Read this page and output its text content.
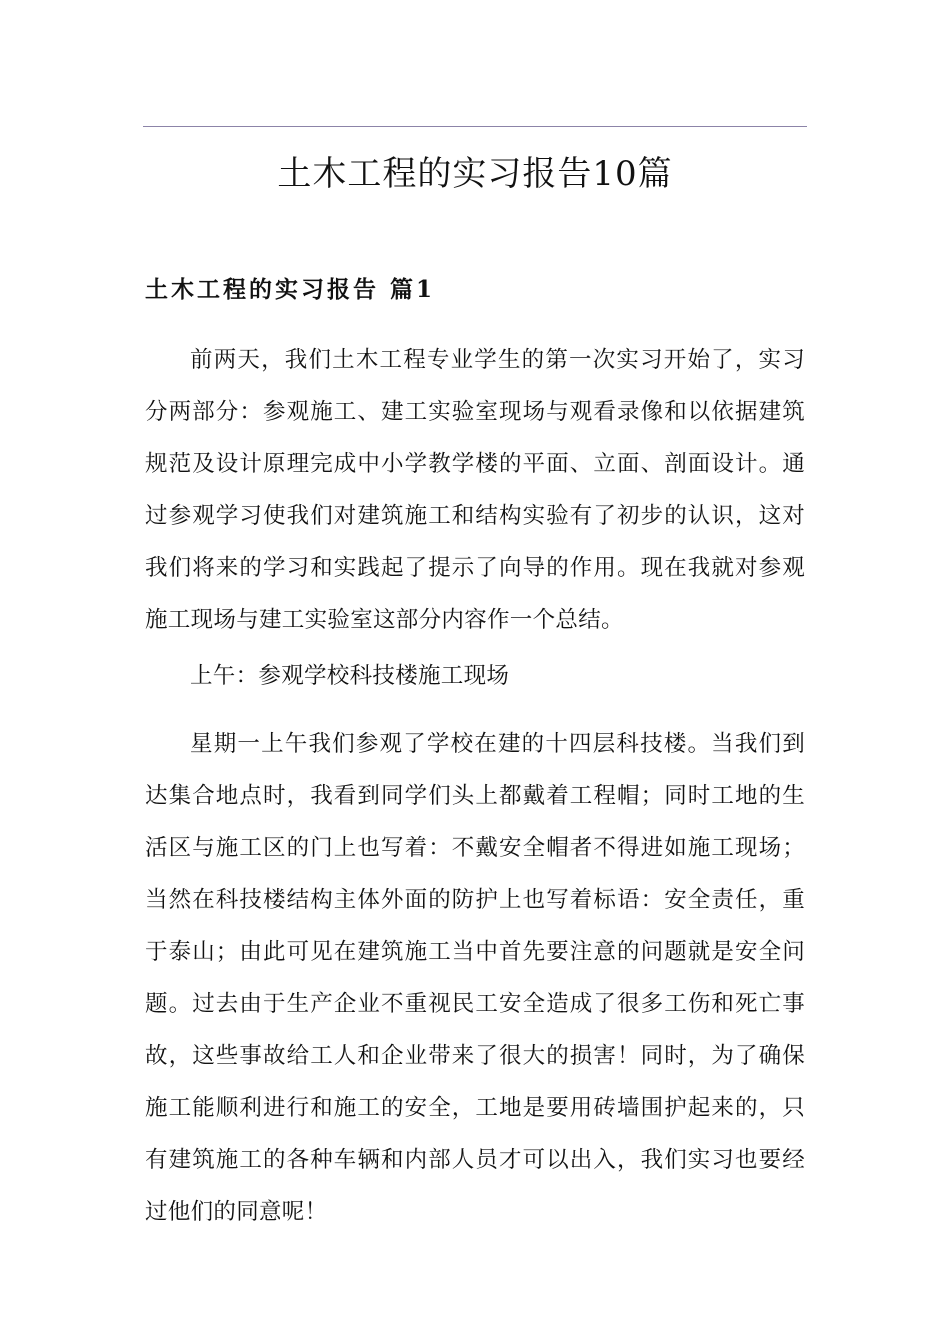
土木工程的实习报告10篇
土木工程的实习报告 篇1

前两天，我们土木工程专业学生的第一次实习开始了，实习分两部分：参观施工、建工实验室现场与观看录像和以依据建筑规范及设计原理完成中小学教学楼的平面、立面、剖面设计。通过参观学习使我们对建筑施工和结构实验有了初步的认识，这对我们将来的学习和实践起了提示了向导的作用。现在我就对参观施工现场与建工实验室这部分内容作一个总结。

上午：参观学校科技楼施工现场

星期一上午我们参观了学校在建的十四层科技楼。当我们到达集合地点时，我看到同学们头上都戴着工程帽；同时工地的生活区与施工区的门上也写着：不戴安全帽者不得进如施工现场；当然在科技楼结构主体外面的防护上也写着标语：安全责任，重于泰山；由此可见在建筑施工当中首先要注意的问题就是安全问题。过去由于生产企业不重视民工安全造成了很多工伤和死亡事故，这些事故给工人和企业带来了很大的损害！同时，为了确保施工能顺利进行和施工的安全，工地是要用砖墙围护起来的，只有建筑施工的各种车辆和内部人员才可以出入，我们实习也要经过他们的同意呢！
